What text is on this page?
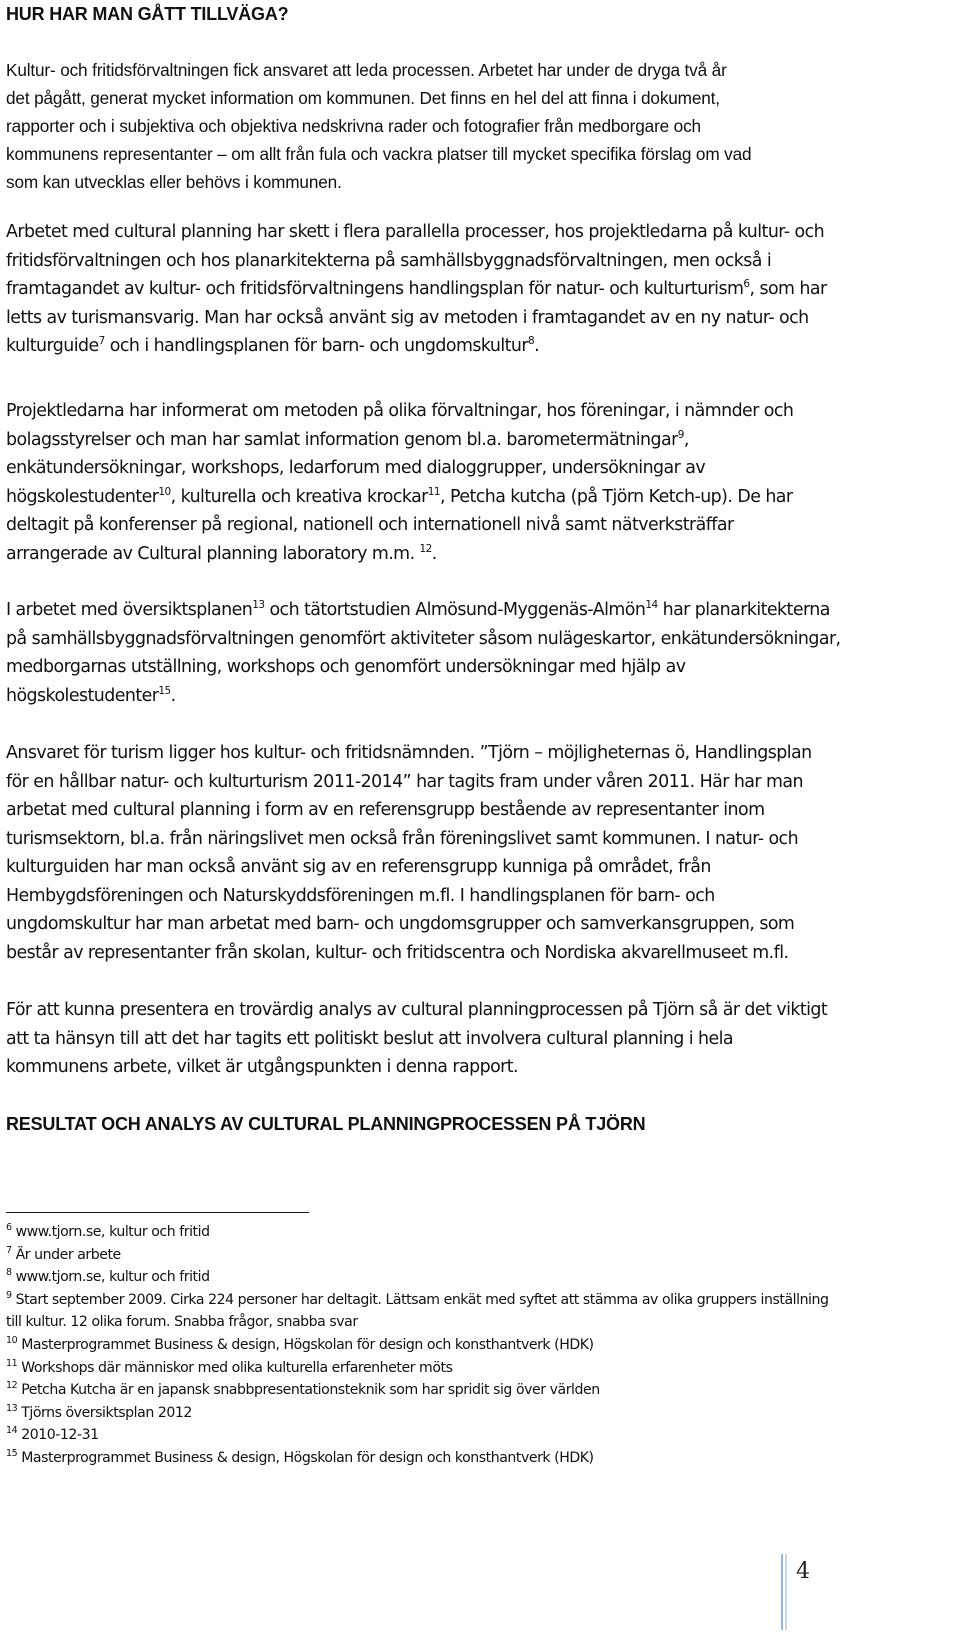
HUR HAR MAN GÅTT TILLVÄGA?

Kultur- och fritidsförvaltningen fick ansvaret att leda processen. Arbetet har under de dryga två år
det pågått, generat mycket information om kommunen. Det finns en hel del att finna i dokument,
rapporter och i subjektiva och objektiva nedskrivna rader och fotografier från medborgare och
kommunens representanter – om allt från fula och vackra platser till mycket specifika förslag om vad
som kan utvecklas eller behövs i kommunen.

Arbetet med cultural planning har skett i flera parallella processer, hos projektledarna på kultur- och
fritidsförvaltningen och hos planarkitekterna på samhällsbyggnadsförvaltningen, men också i
framtagandet av kultur- och fritidsförvaltningens handlingsplan för natur- och kulturturism$^6$, som har
letts av turismansvarig. Man har också använt sig av metoden i framtagandet av en ny natur- och
kulturguide$^7$ och i handlingsplanen för barn- och ungdomskultur$^8$.

Projektledarna har informerat om metoden på olika förvaltningar, hos föreningar, i nämnder och
bolagsstyrelser och man har samlat information genom bl.a. barometermätningar$^9$,
enkätundersökningar, workshops, ledarforum med dialoggrupper, undersökningar av
högskolestudenter$^{10}$, kulturella och kreativa krockar$^{11}$, Petcha kutcha (på Tjörn Ketch-up). De har
deltagit på konferenser på regional, nationell och internationell nivå samt nätverksträffar
arrangerade av Cultural planning laboratory m.m. $^{12}$.

I arbetet med översiktsplanen$^{13}$ och tätortstudien Almösund-Myggenäs-Almön$^{14}$ har planarkitekterna
på samhällsbyggnadsförvaltningen genomfört aktiviteter såsom nulägeskartor, enkätundersökningar,
medborgarnas utställning, workshops och genomfört undersökningar med hjälp av
högskolestudenter$^{15}$.

Ansvaret för turism ligger hos kultur- och fritidsnämnden. ”Tjörn – möjligheternas ö, Handlingsplan
för en hållbar natur- och kulturturism 2011-2014” har tagits fram under våren 2011. Här har man
arbetat med cultural planning i form av en referensgrupp bestående av representanter inom
turismsektorn, bl.a. från näringslivet men också från föreningslivet samt kommunen. I natur- och
kulturguiden har man också använt sig av en referensgrupp kunniga på området, från
Hembygdsföreningen och Naturskyddsföreningen m.fl. I handlingsplanen för barn- och
ungdomskultur har man arbetat med barn- och ungdomsgrupper och samverkansgruppen, som
består av representanter från skolan, kultur- och fritidscentra och Nordiska akvarellmuseet m.fl.

För att kunna presentera en trovärdig analys av cultural planningprocessen på Tjörn så är det viktigt
att ta hänsyn till att det har tagits ett politiskt beslut att involvera cultural planning i hela
kommunens arbete, vilket är utgångspunkten i denna rapport.

RESULTAT OCH ANALYS AV CULTURAL PLANNINGPROCESSEN PÅ TJÖRN
$^6$ www.tjorn.se, kultur och fritid
$^7$ Är under arbete
$^8$ www.tjorn.se, kultur och fritid
$^9$ Start september 2009. Cirka 224 personer har deltagit. Lättsam enkät med syftet att stämma av olika gruppers inställning
till kultur. 12 olika forum. Snabba frågor, snabba svar
$^{10}$ Masterprogrammet Business & design, Högskolan för design och konsthantverk (HDK)
$^{11}$ Workshops där människor med olika kulturella erfarenheter möts
$^{12}$ Petcha Kutcha är en japansk snabbpresentationsteknik som har spridit sig över världen
$^{13}$ Tjörns översiktsplan 2012
$^{14}$ 2010-12-31
$^{15}$ Masterprogrammet Business & design, Högskolan för design och konsthantverk (HDK)
4
